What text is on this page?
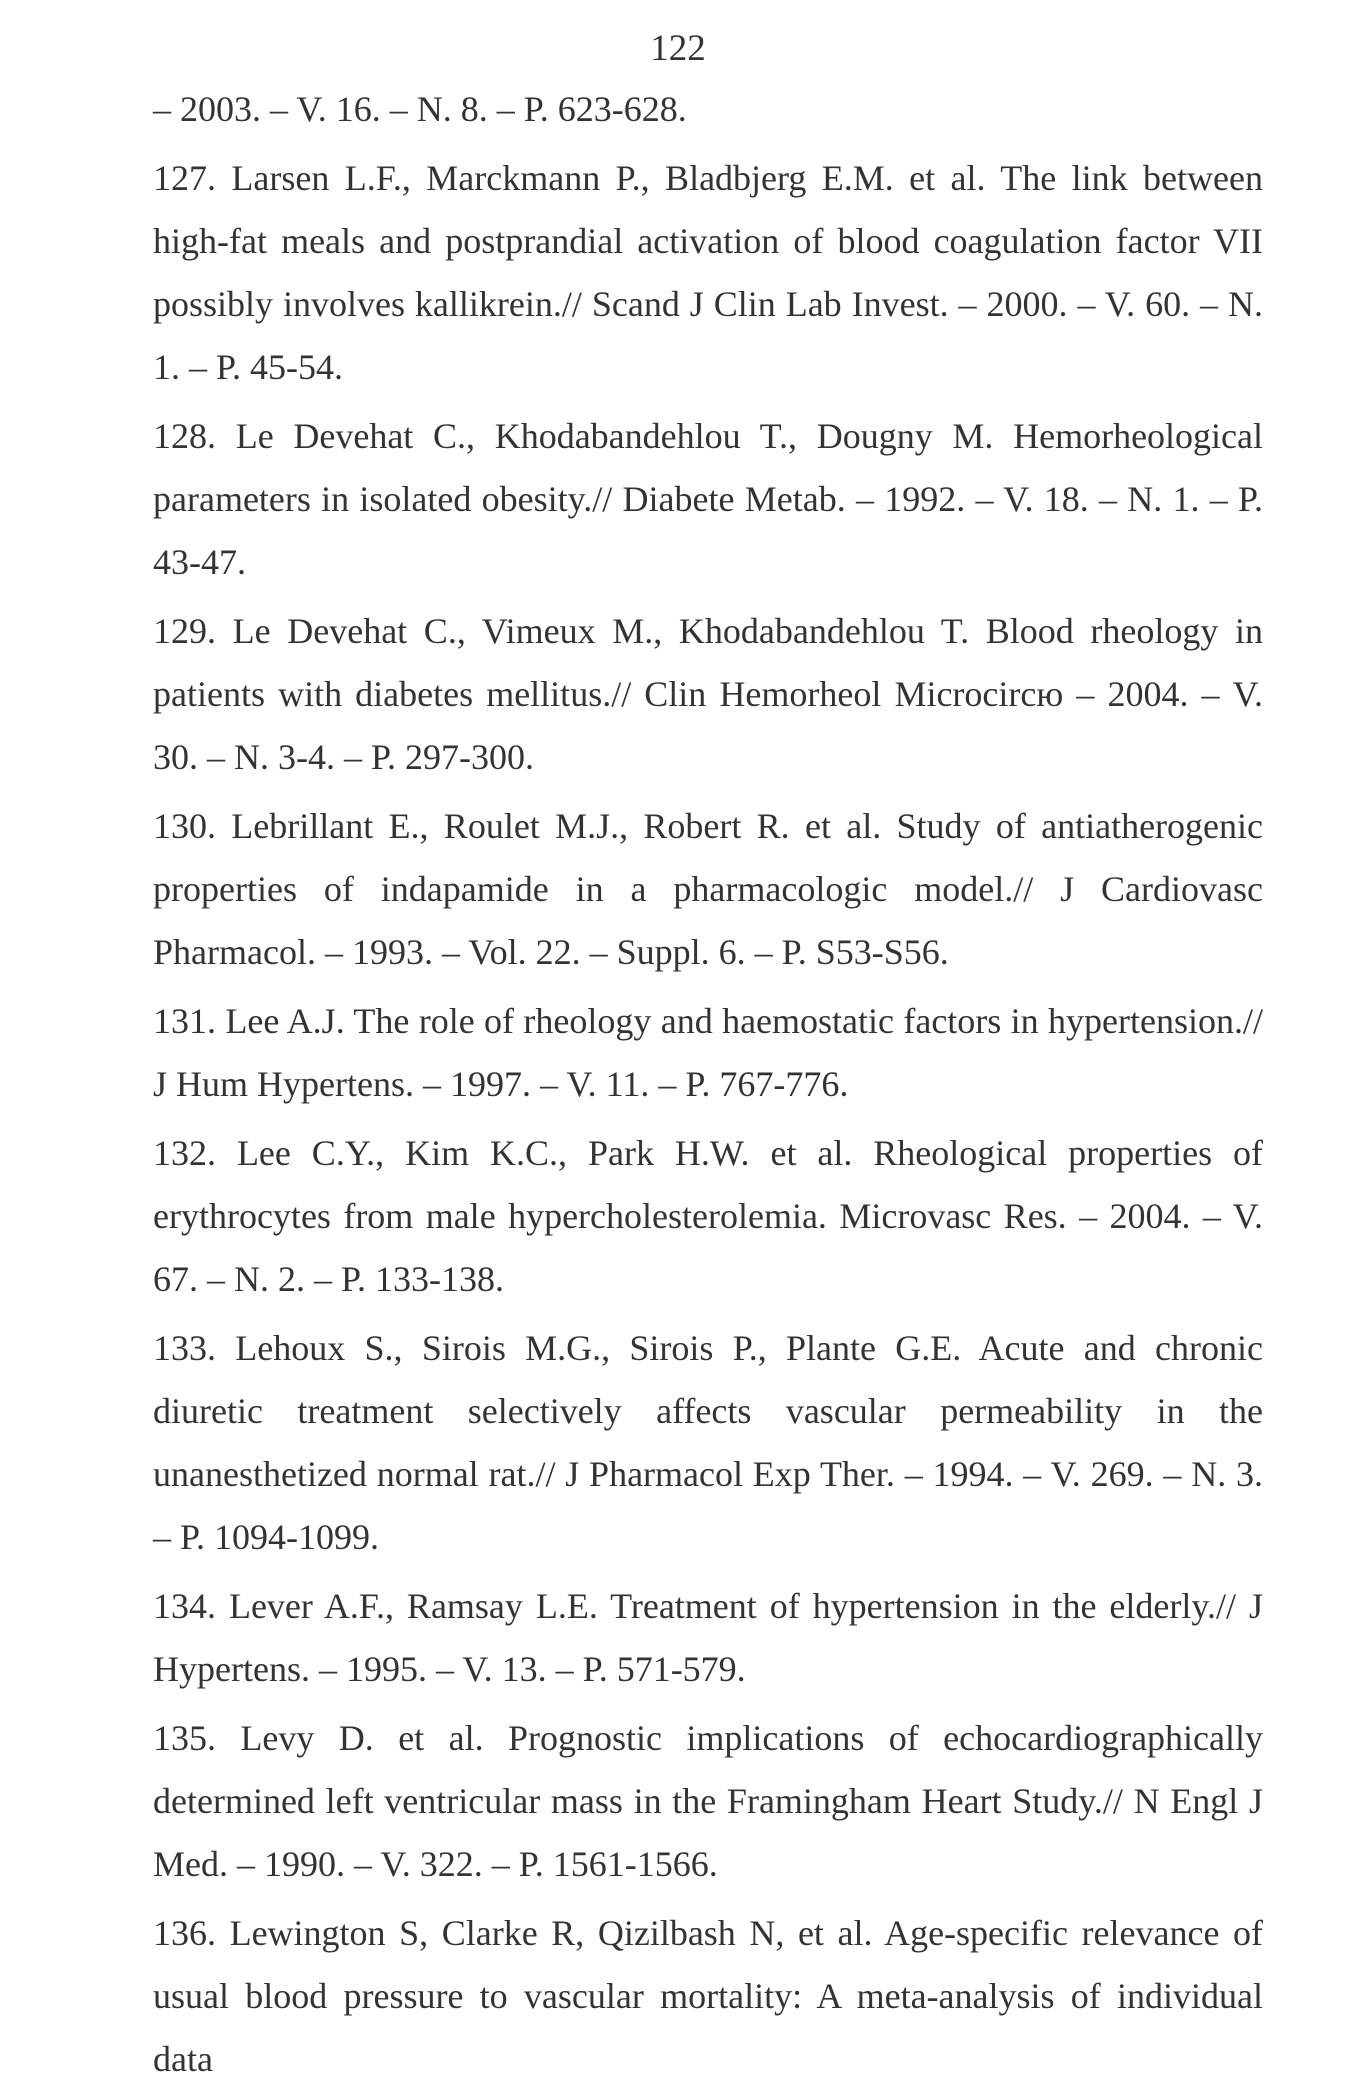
122
– 2003. – V. 16. – N. 8. – P. 623-628.
127. Larsen L.F., Marckmann P., Bladbjerg E.M. et al. The link between high-fat meals and postprandial activation of blood coagulation factor VII possibly involves kallikrein.// Scand J Clin Lab Invest. – 2000. – V. 60. – N. 1. – P. 45-54.
128. Le Devehat C., Khodabandehlou T., Dougny M. Hemorheological parameters in isolated obesity.// Diabete Metab. – 1992. – V. 18. – N. 1. – P. 43-47.
129. Le Devehat C., Vimeux M., Khodabandehlou T. Blood rheology in patients with diabetes mellitus.// Clin Hemorheol Microcircю – 2004. – V. 30. – N. 3-4. – P. 297-300.
130. Lebrillant E., Roulet M.J., Robert R. et al. Study of antiatherogenic properties of indapamide in a pharmacologic model.// J Cardiovasc Pharmacol. – 1993. – Vol. 22. – Suppl. 6. – P. S53-S56.
131. Lee A.J. The role of rheology and haemostatic factors in hypertension.// J Hum Hypertens. – 1997. – V. 11. – P. 767-776.
132. Lee C.Y., Kim K.C., Park H.W. et al. Rheological properties of erythrocytes from male hypercholesterolemia. Microvasc Res. – 2004. – V. 67. – N. 2. – P. 133-138.
133. Lehoux S., Sirois M.G., Sirois P., Plante G.E. Acute and chronic diuretic treatment selectively affects vascular permeability in the unanesthetized normal rat.// J Pharmacol Exp Ther. – 1994. – V. 269. – N. 3. – P. 1094-1099.
134. Lever A.F., Ramsay L.E. Treatment of hypertension in the elderly.// J Hypertens. – 1995. – V. 13. – P. 571-579.
135. Levy D. et al. Prognostic implications of echocardiographically determined left ventricular mass in the Framingham Heart Study.// N Engl J Med. – 1990. – V. 322. – P. 1561-1566.
136. Lewington S, Clarke R, Qizilbash N, et al. Age-specific relevance of usual blood pressure to vascular mortality: A meta-analysis of individual data
